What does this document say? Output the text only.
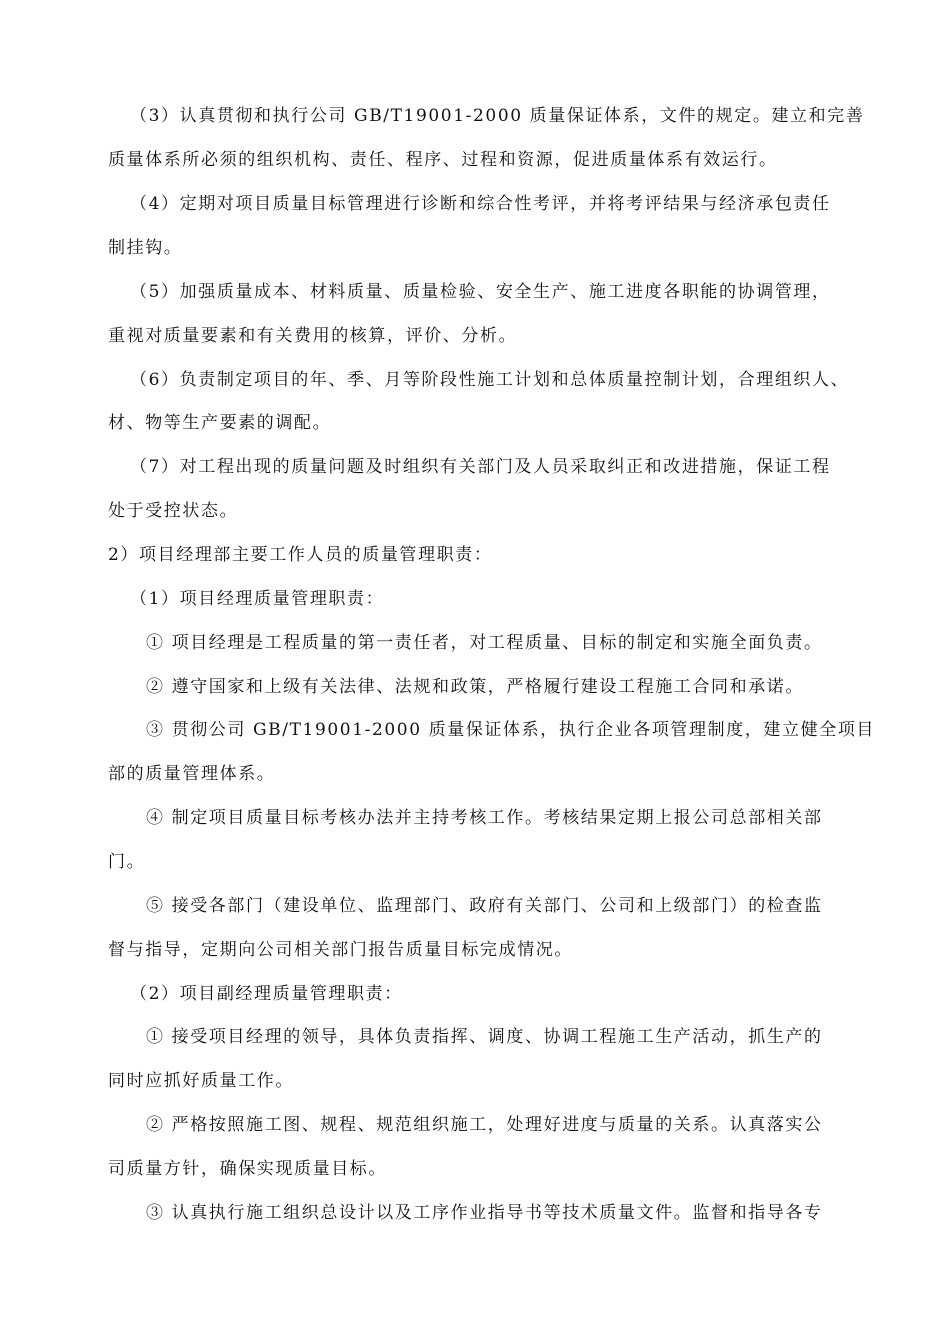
（3）认真贯彻和执行公司 GB/T19001-2000 质量保证体系，文件的规定。建立和完善
质量体系所必须的组织机构、责任、程序、过程和资源，促进质量体系有效运行。
（4）定期对项目质量目标管理进行诊断和综合性考评，并将考评结果与经济承包责任
制挂钩。
（5）加强质量成本、材料质量、质量检验、安全生产、施工进度各职能的协调管理，
重视对质量要素和有关费用的核算，评价、分析。
（6）负责制定项目的年、季、月等阶段性施工计划和总体质量控制计划，合理组织人、
材、物等生产要素的调配。
（7）对工程出现的质量问题及时组织有关部门及人员采取纠正和改进措施，保证工程
处于受控状态。
2）项目经理部主要工作人员的质量管理职责：
（1）项目经理质量管理职责：
① 项目经理是工程质量的第一责任者，对工程质量、目标的制定和实施全面负责。
② 遵守国家和上级有关法律、法规和政策，严格履行建设工程施工合同和承诺。
③ 贯彻公司 GB/T19001-2000 质量保证体系，执行企业各项管理制度，建立健全项目
部的质量管理体系。
④ 制定项目质量目标考核办法并主持考核工作。考核结果定期上报公司总部相关部
门。
⑤ 接受各部门（建设单位、监理部门、政府有关部门、公司和上级部门）的检查监
督与指导，定期向公司相关部门报告质量目标完成情况。
（2）项目副经理质量管理职责：
① 接受项目经理的领导，具体负责指挥、调度、协调工程施工生产活动，抓生产的
同时应抓好质量工作。
② 严格按照施工图、规程、规范组织施工，处理好进度与质量的关系。认真落实公
司质量方针，确保实现质量目标。
③ 认真执行施工组织总设计以及工序作业指导书等技术质量文件。监督和指导各专
